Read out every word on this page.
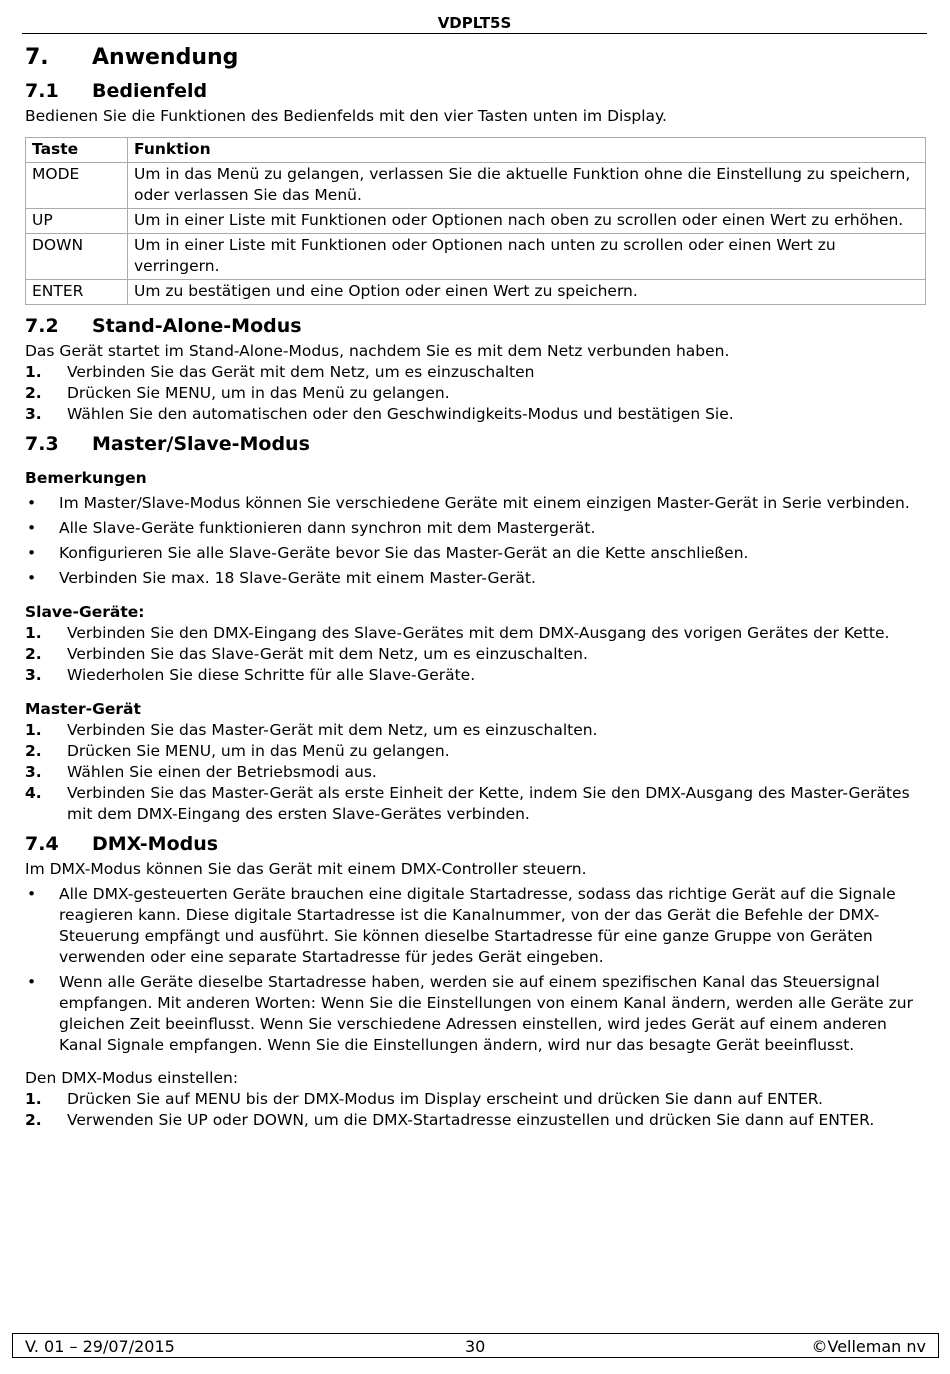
VDPLT5S
7. Anwendung
7.1 Bedienfeld

Bedienen Sie die Funktionen des Bedienfelds mit den vier Tasten unten im Display.

Taste	Funktion
MODE	Um in das Menü zu gelangen, verlassen Sie die aktuelle Funktion ohne die Einstellung zu speichern, oder verlassen Sie das Menü.
UP	Um in einer Liste mit Funktionen oder Optionen nach oben zu scrollen oder einen Wert zu erhöhen.
DOWN	Um in einer Liste mit Funktionen oder Optionen nach unten zu scrollen oder einen Wert zu verringern.
ENTER	Um zu bestätigen und eine Option oder einen Wert zu speichern.
7.2 Stand-Alone-Modus

Das Gerät startet im Stand-Alone-Modus, nachdem Sie es mit dem Netz verbunden haben.

1. Verbinden Sie das Gerät mit dem Netz, um es einzuschalten
2. Drücken Sie MENU, um in das Menü zu gelangen.
3. Wählen Sie den automatischen oder den Geschwindigkeits-Modus und bestätigen Sie.
7.3 Master/Slave-Modus

Bemerkungen

• Im Master/Slave-Modus können Sie verschiedene Geräte mit einem einzigen Master-Gerät in Serie verbinden.
• Alle Slave-Geräte funktionieren dann synchron mit dem Mastergerät.
• Konfigurieren Sie alle Slave-Geräte bevor Sie das Master-Gerät an die Kette anschließen.
• Verbinden Sie max. 18 Slave-Geräte mit einem Master-Gerät.

Slave-Geräte:

1. Verbinden Sie den DMX-Eingang des Slave-Gerätes mit dem DMX-Ausgang des vorigen Gerätes der Kette.
2. Verbinden Sie das Slave-Gerät mit dem Netz, um es einzuschalten.
3. Wiederholen Sie diese Schritte für alle Slave-Geräte.

Master-Gerät

1. Verbinden Sie das Master-Gerät mit dem Netz, um es einzuschalten.
2. Drücken Sie MENU, um in das Menü zu gelangen.
3. Wählen Sie einen der Betriebsmodi aus.
4. Verbinden Sie das Master-Gerät als erste Einheit der Kette, indem Sie den DMX-Ausgang des Master-Gerätes mit dem DMX-Eingang des ersten Slave-Gerätes verbinden.
7.4 DMX-Modus

Im DMX-Modus können Sie das Gerät mit einem DMX-Controller steuern.

• Alle DMX-gesteuerten Geräte brauchen eine digitale Startadresse, sodass das richtige Gerät auf die Signale reagieren kann. Diese digitale Startadresse ist die Kanalnummer, von der das Gerät die Befehle der DMX-Steuerung empfängt und ausführt. Sie können dieselbe Startadresse für eine ganze Gruppe von Geräten verwenden oder eine separate Startadresse für jedes Gerät eingeben.
• Wenn alle Geräte dieselbe Startadresse haben, werden sie auf einem spezifischen Kanal das Steuersignal empfangen. Mit anderen Worten: Wenn Sie die Einstellungen von einem Kanal ändern, werden alle Geräte zur gleichen Zeit beeinflusst. Wenn Sie verschiedene Adressen einstellen, wird jedes Gerät auf einem anderen Kanal Signale empfangen. Wenn Sie die Einstellungen ändern, wird nur das besagte Gerät beeinflusst.

Den DMX-Modus einstellen:

1. Drücken Sie auf MENU bis der DMX-Modus im Display erscheint und drücken Sie dann auf ENTER.
2. Verwenden Sie UP oder DOWN, um die DMX-Startadresse einzustellen und drücken Sie dann auf ENTER.
V. 01 – 29/07/2015	30	©Velleman nv
